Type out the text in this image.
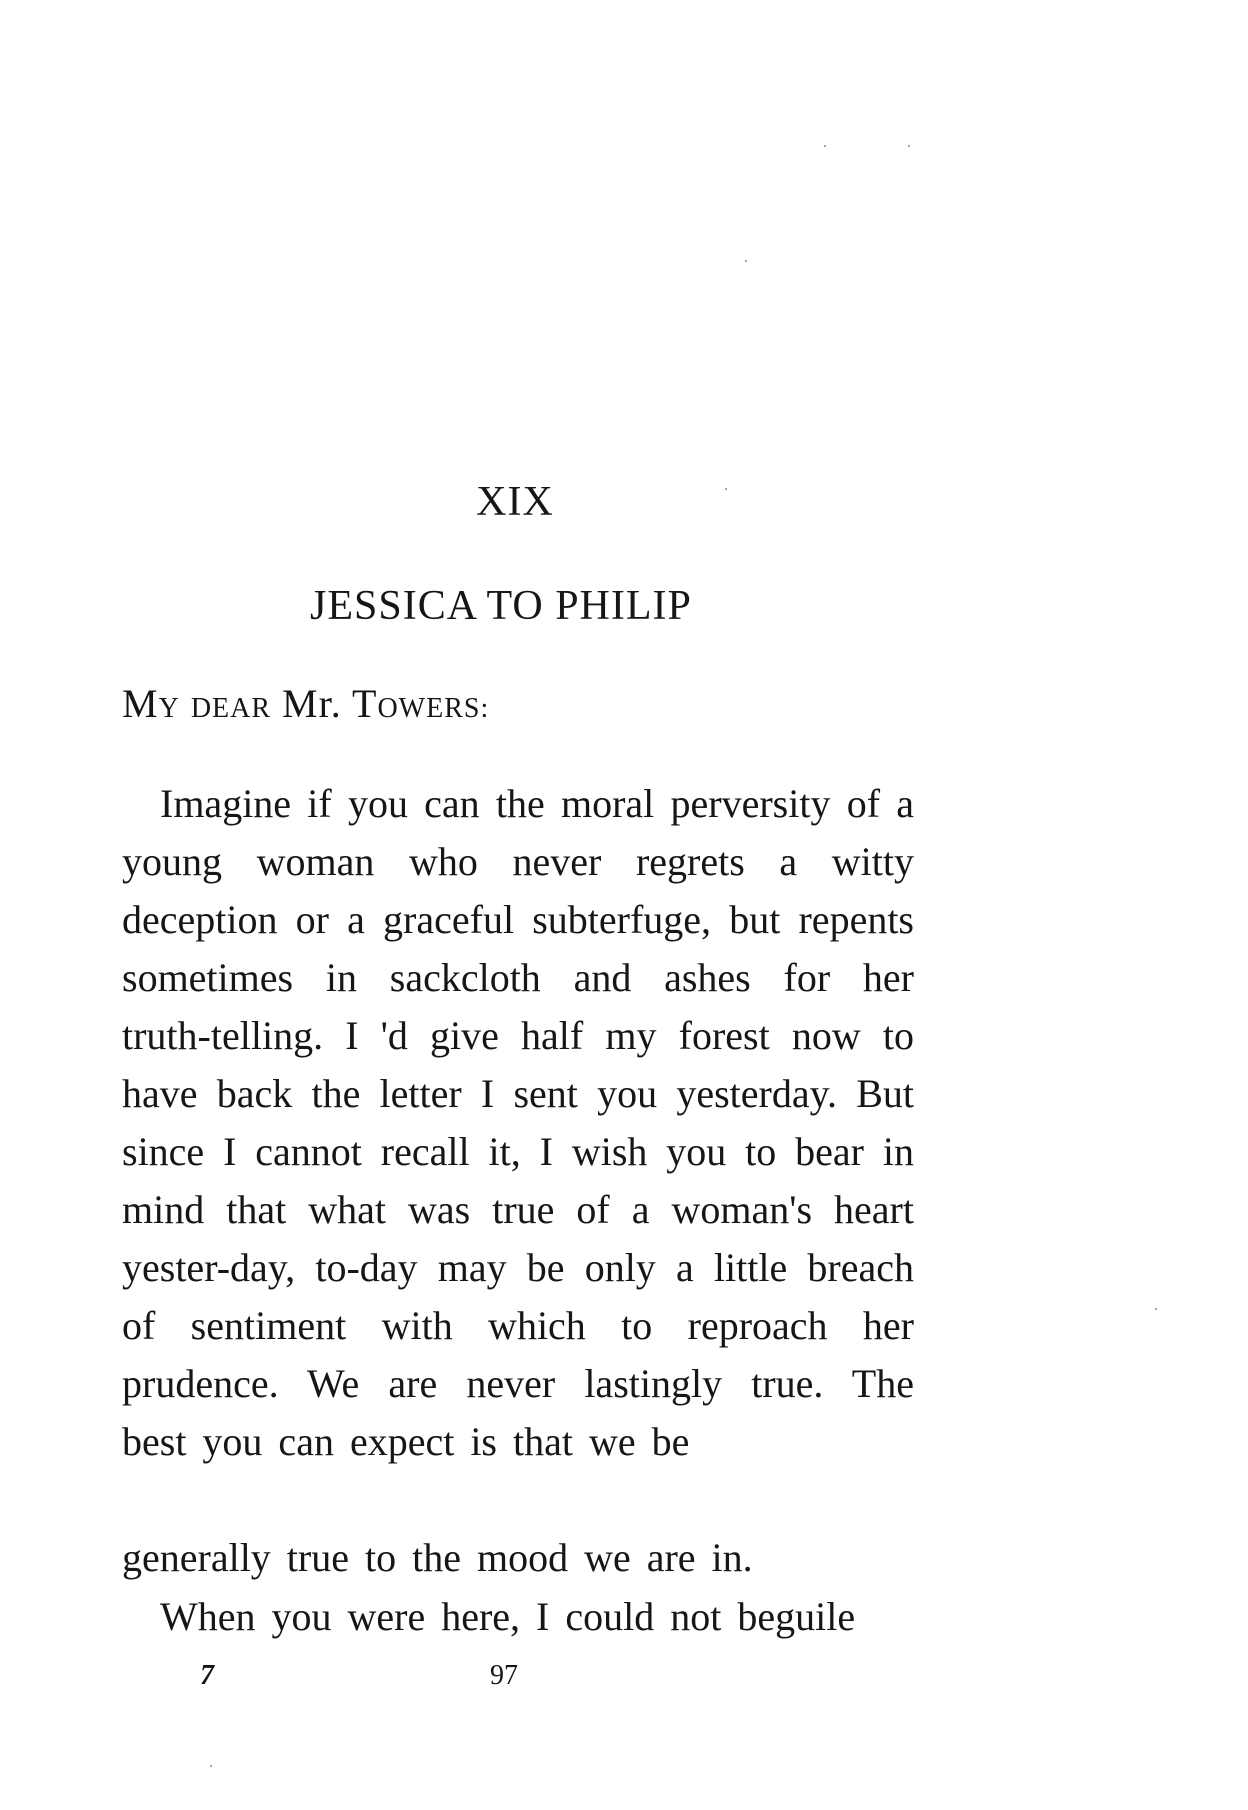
XIX
JESSICA TO PHILIP
MY DEAR Mr. TOWERS:

Imagine if you can the moral perversity of a young woman who never regrets a witty deception or a graceful subterfuge, but repents sometimes in sackcloth and ashes for her truth-telling. I 'd give half my forest now to have back the letter I sent you yesterday. But since I cannot recall it, I wish you to bear in mind that what was true of a woman's heart yester-day, to-day may be only a little breach of sentiment with which to reproach her prudence. We are never lastingly true. The best you can expect is that we be

generally true to the mood we are in.

When you were here, I could not beguile

7	97
